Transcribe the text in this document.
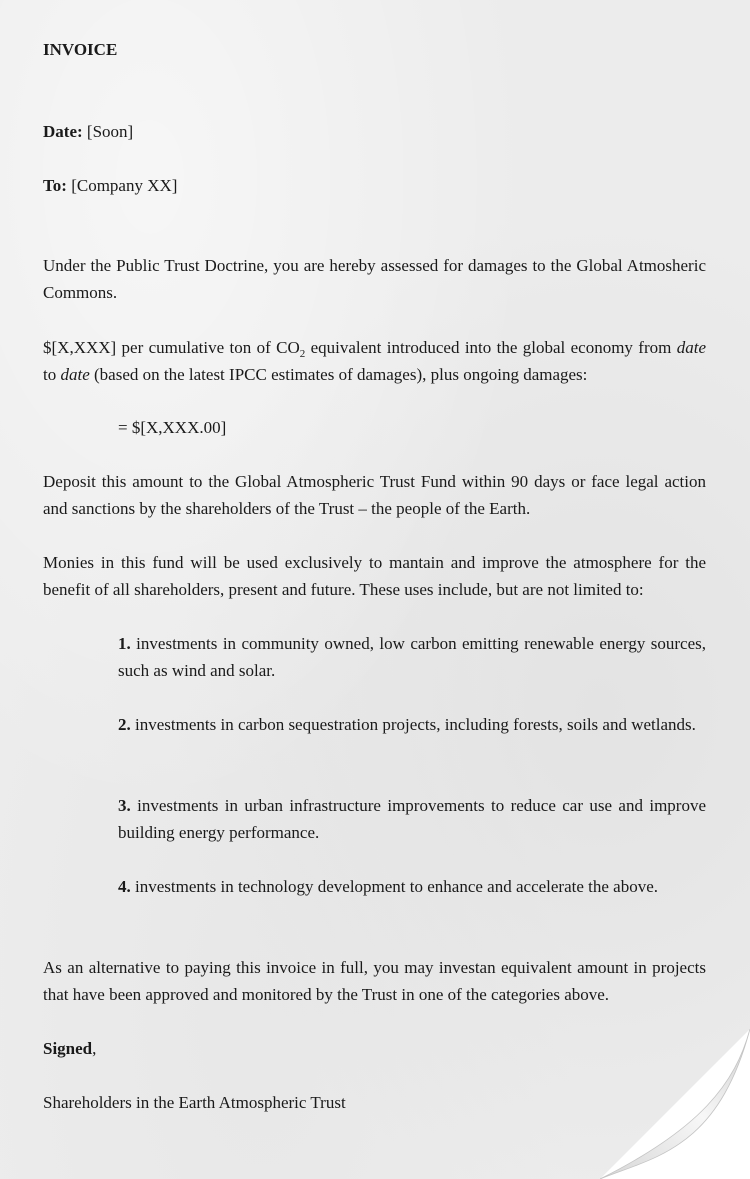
INVOICE

Date: [Soon]

To: [Company XX]

Under the Public Trust Doctrine, you are hereby assessed for damages to the Global Atmosheric Commons.

$[X,XXX] per cumulative ton of $CO_2$ equivalent introduced into the global economy from date to date (based on the latest IPCC estimates of damages), plus ongoing damages:

= $[X,XXX.00]

Deposit this amount to the Global Atmospheric Trust Fund within 90 days or face legal action and sanctions by the shareholders of the Trust – the people of the Earth.

Monies in this fund will be used exclusively to mantain and improve the atmosphere for the benefit of all shareholders, present and future. These uses include, but are not limited to:

1. investments in community owned, low carbon emitting renewable energy sources, such as wind and solar.

2. investments in carbon sequestration projects, including forests, soils and wetlands.

3. investments in urban infrastructure improvements to reduce car use and improve building energy performance.

4. investments in technology development to enhance and accelerate the above.

As an alternative to paying this invoice in full, you may investan equivalent amount in projects that have been approved and monitored by the Trust in one of the categories above.

Signed,

Shareholders in the Earth Atmospheric Trust
